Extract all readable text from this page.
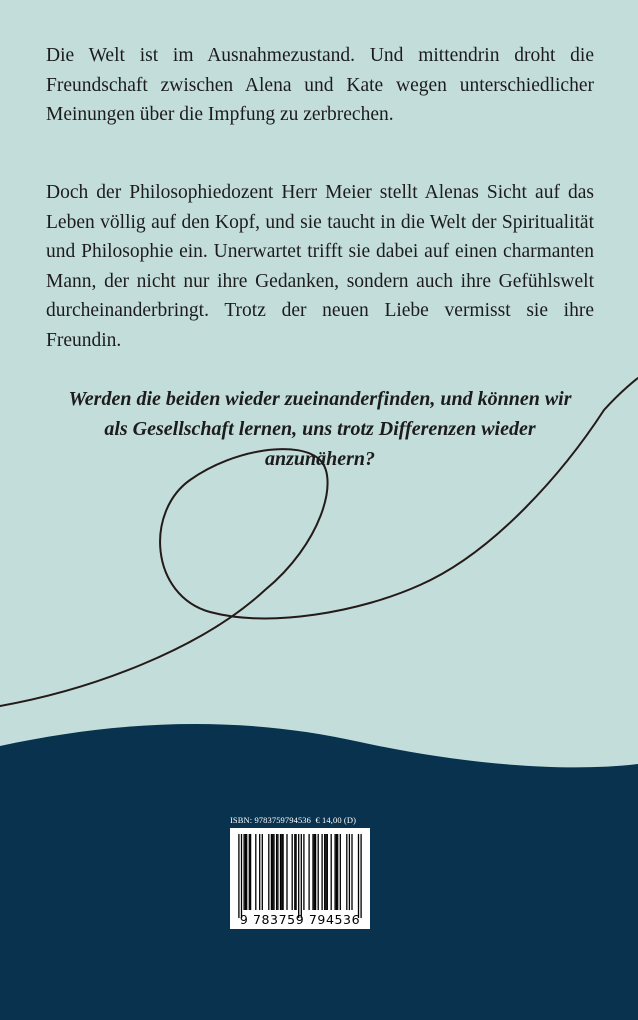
Die Welt ist im Ausnahmezustand. Und mittendrin droht die Freundschaft zwischen Alena und Kate wegen unterschiedlicher Meinungen über die Impfung zu zerbrechen.

Doch der Philosophiedozent Herr Meier stellt Alenas Sicht auf das Leben völlig auf den Kopf, und sie taucht in die Welt der Spiritualität und Philosophie ein. Unerwartet trifft sie dabei auf einen charmanten Mann, der nicht nur ihre Gedanken, sondern auch ihre Gefühlswelt durcheinanderbringt. Trotz der neuen Liebe vermisst sie ihre Freundin.

Werden die beiden wieder zueinanderfinden, und können wir als Gesellschaft lernen, uns trotz Differenzen wieder anzunähern?

ISBN: 9783759794536 € 14,00 (D)
9 783759 794536
